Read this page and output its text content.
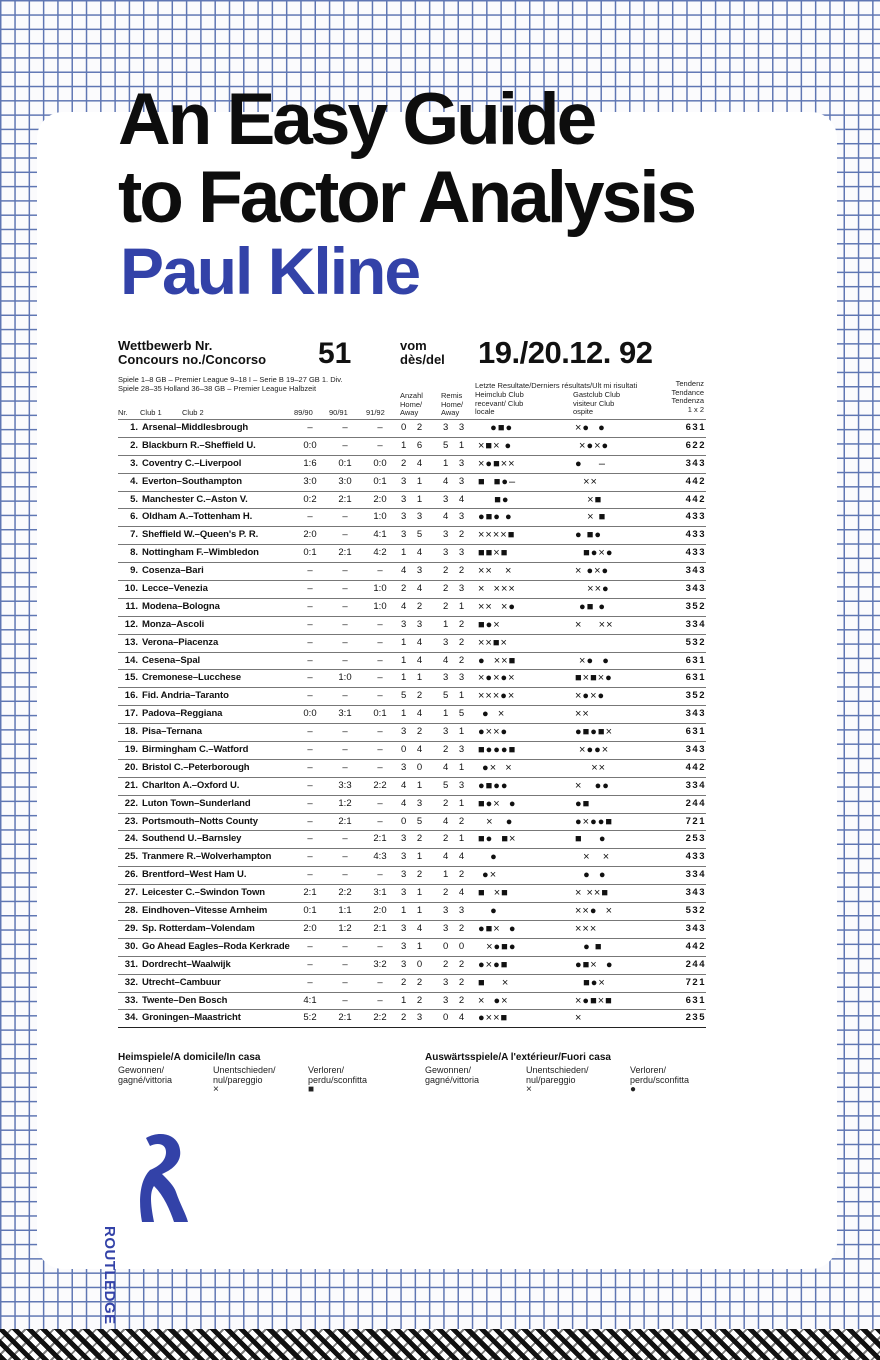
An Easy Guide
to Factor Analysis
Paul Kline
Wettbewerb Nr.
Concours no./Concorso 51	vom
dès/del 19./20.12. 92
Spiele 1–8 GB – Premier League 9–18 I – Serie B 19–27 GB 1. Div.
Spiele 28–35 Holland 36–38 GB – Premier League Halbzeit
Nr. Club 1	Club 2	89/90 90/91 91/92
Anzahl Home/ Away
Remis Home/ Away
Letzte Resultate/Derniers résultats/Ult mi risultati
Heimclub Club recevant/ Club locale
Gastclub Club visiteur Club ospite
Tendenz Tendance Tendenza 1 x 2
1. Arsenal–Middlesbrough	–	–	–	0 2	3 3 ●■●	×●  ●	631
2. Blackburn R.–Sheffield U.	0:0	–	–	1 6	5 1 ×■× ●	×●×●	622
3. Coventry C.–Liverpool	1:6	0:1	0:0	2 4	1 3 ×●■××	●    –	343
4. Everton–Southampton	3:0	3:0	0:1	3 1	4 3 ■  ■●–	××	442
5. Manchester C.–Aston V.	0:2	2:1	2:0	3 1	3 4 ■●	×■	442
6. Oldham A.–Tottenham H.	–	–	1:0	3 3	4 3 ●■● ●	× ■	433
7. Sheffield W.–Queen's P. R.	2:0	–	4:1	3 5	3 2 ××××■	● ■●	433
8. Nottingham F.–Wimbledon	0:1	2:1	4:2	1 4	3 3 ■■×■	■●×●	433
9. Cosenza–Bari	–	–	–	4 3	2 2 ××   ×	× ●×●	343
10. Lecce–Venezia	–	–	1:0	2 4	2 3 ×  ×××	××●	343
11. Modena–Bologna	–	–	1:0	4 2	2 1 ××  ×●	●■ ●	352
12. Monza–Ascoli	–	–	–	3 3	1 2 ■●×	×    ××	334
13. Verona–Piacenza	–	–	–	1 4	3 2 ××■×	532
14. Cesena–Spal	–	–	–	1 4	4 2 ●  ××■	×●  ●	631
15. Cremonese–Lucchese	–	1:0	–	1 1	3 3 ×●×●×	■×■×●	631
16. Fid. Andria–Taranto	–	–	–	5 2	5 1 ×××●×	×●×●	352
17. Padova–Reggiana	0:0	3:1	0:1	1 4	1 5 ●  ×	××	343
18. Pisa–Ternana	–	–	–	3 2	3 1 ●××●	●■●■×	631
19. Birmingham C.–Watford	–	–	–	0 4	2 3 ■●●●■	×●●×	343
20. Bristol C.–Peterborough	–	–	–	3 0	4 1 ●×  ×	××	442
21. Charlton A.–Oxford U.	–	3:3	2:2	4 1	5 3 ●■●●	×   ●●	334
22. Luton Town–Sunderland	–	1:2	–	4 3	2 1 ■●×  ●	●■	244
23. Portsmouth–Notts County	–	2:1	–	0 5	4 2 ×   ●	●×●●■	721
24. Southend U.–Barnsley	–	–	2:1	3 2	2 1 ■●  ■×	■    ●	253
25. Tranmere R.–Wolverhampton	–	–	4:3	3 1	4 4 ●	×   ×	433
26. Brentford–West Ham U.	–	–	–	3 2	1 2 ●×	●  ●	334
27. Leicester C.–Swindon Town	2:1	2:2	3:1	3 1	2 4 ■  ×■	× ××■	343
28. Eindhoven–Vitesse Arnheim	0:1	1:1	2:0	1 1	3 3 ●	××●  ×	532
29. Sp. Rotterdam–Volendam	2:0	1:2	2:1	3 4	3 2 ●■×  ●	×××	343
30. Go Ahead Eagles–Roda Kerkrade	–	–	–	3 1	0 0 ×●■●	● ■	442
31. Dordrecht–Waalwijk	–	–	3:2	3 0	2 2 ●×●■	●■×  ●	244
32. Utrecht–Cambuur	–	–	–	2 2	3 2 ■    ×	■●×	721
33. Twente–Den Bosch	4:1	–	–	1 2	3 2 ×  ●×	×●■×■	631
34. Groningen–Maastricht	5:2	2:1	2:2	2 3	0 4 ●××■	×	235
Heimspiele/A domicile/In casa
Gewonnen/ gagné/vittoria
Unentschieden/ nul/pareggio
×
Verloren/ perdu/sconfitta
■
Auswärtsspiele/A l'extérieur/Fuori casa
Gewonnen/ gagné/vittoria
Unentschieden/ nul/pareggio
×
Verloren/ perdu/sconfitta
●
ROUTLEDGE
